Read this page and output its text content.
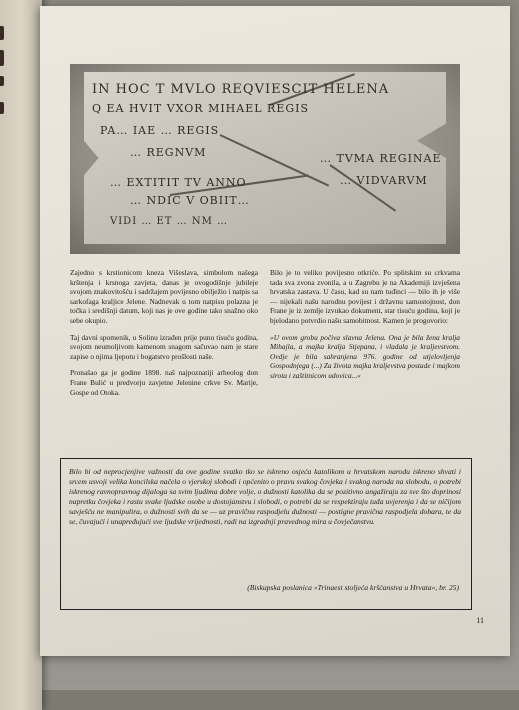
IN HOC T MVLO REQVIESCIT HELENA
Q EA HVIT VXOR MIHAEL REGIS
PA… IAE … REGIS
… REGNVM	… TVMA REGINAE
… VIDVARVM
… EXTITIT TV ANNO
… NDIC V OBIIT…
VIDI … ET … NM …

Zajedno s krstionicom kneza Višeslava, simbolom našega krštenja i krsnoga zavjeta, danas je ovogodišnje jubileje svojom znakovitošću i sadržajem povijesno obilježio i natpis sa sarkofaga kraljice Jelene. Nadnevak u tom natpisu polazna je točka i središnji datum, koji nas je ove godine tako snažno oko sebe okupio.

Taj davni spomenik, u Solinu izrađen prije punu tisuću godina, svojom neumoljivom kamenom snagom sačuvao nam je stare zapise o njima ljepotu i bogatstvo prošlosti naše.

Pronašao ga je godine 1898. naš najpoznatiji arheolog don Frane Bulić u predvorju zavjetne Jeleninе crkve Sv. Marije, Gospe od Otoka.

Bilo je to veliko povijesno otkriće. Po splitskim su crkvama tada sva zvona zvonila, a u Zagrebu je na Akademiji izvješena hrvatska zastava. U času, kad su nam tuđinci — bilo ih je više — nijekali našu narodnu povijest i državnu samostojnost, don Frane je iz zemlje izvukao dokument, star tisuću godina, koji je bjelodano potvrdio našu samobitnost. Kamen je progovorio:

»U ovom grobu počiva slavna Jelena. Ona je bila žena kralja Mihajla, a majka kralja Stjepana, i vladala je kraljevstvom. Ovdje je bila sahranjena 976. godine od utjelovljenja Gospodnjega (...) Za života majka kraljevstva postade i majkom sirota i zaštitnicom udovica...«

Bilo bi od neprocjenjive važnosti da ove godine svatko tko se iskreno osjeća katolikom u hrvatskom narodu iskreno shvati i srcem usvoji velika koncilska načela o vjerskoj slobodi i općenito o pravu svakog čovjeka i svakog naroda na slobodu, o potrebi iskrenog ravnopravnog dijaloga sa svim ljudima dobre volje, o dužnosti katolika da se pozitivno angažiraju za sve što doprinosi napretku čovjeka i rastu svake ljudske osobe u dostojanstvu i slobodi, o potrebi da se respektiraju tuđa uvjerenja i da se ničijom savješću ne manipulira, o dužnosti svih da se — uz pravičnu raspodjelu dužnosti — postigne pravična raspodjela dobara, te da se, čuvajući i unapređujući sve ljudske vrijednosti, radi na izgradnji pravednog mira u čovječanstvu.
(Biskupska poslanica »Trinaest stoljeća kršćanstva u Hrvata«, br. 25)
11
